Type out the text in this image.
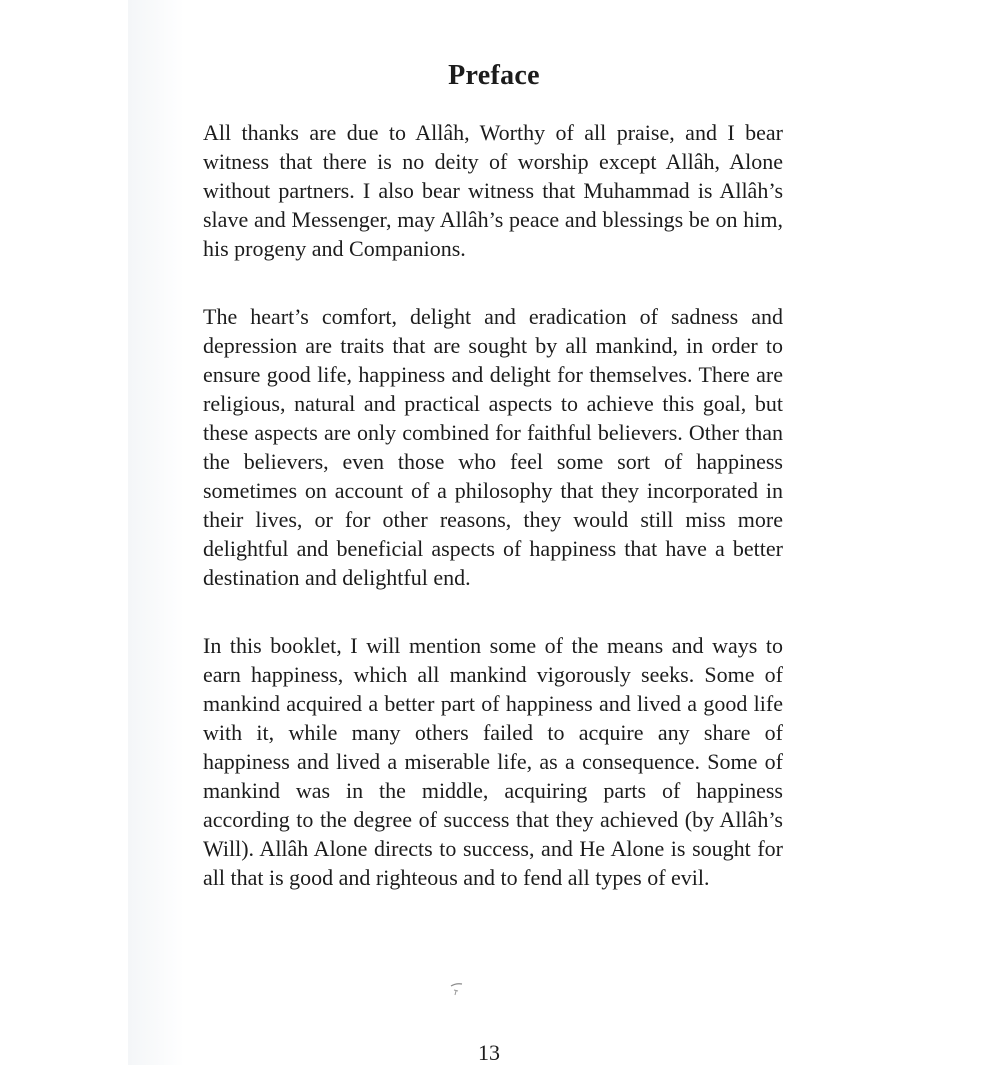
Preface

All thanks are due to Allâh, Worthy of all praise, and I bear witness that there is no deity of worship except Allâh, Alone without partners. I also bear witness that Muhammad is Allâh’s slave and Messenger, may Allâh’s peace and blessings be on him, his progeny and Companions.

The heart’s comfort, delight and eradication of sadness and depression are traits that are sought by all mankind, in order to ensure good life, happiness and delight for themselves. There are religious, natural and practical aspects to achieve this goal, but these aspects are only combined for faithful believers. Other than the believers, even those who feel some sort of happiness sometimes on account of a philosophy that they incorporated in their lives, or for other reasons, they would still miss more delightful and beneficial aspects of happiness that have a better destination and delightful end.

In this booklet, I will mention some of the means and ways to earn happiness, which all mankind vigorously seeks. Some of mankind acquired a better part of happiness and lived a good life with it, while many others failed to acquire any share of happiness and lived a miserable life, as a consequence. Some of mankind was in the middle, acquiring parts of happiness according to the degree of success that they achieved (by Allâh’s Will). Allâh Alone directs to success, and He Alone is sought for all that is good and righteous and to fend all types of evil.

13
